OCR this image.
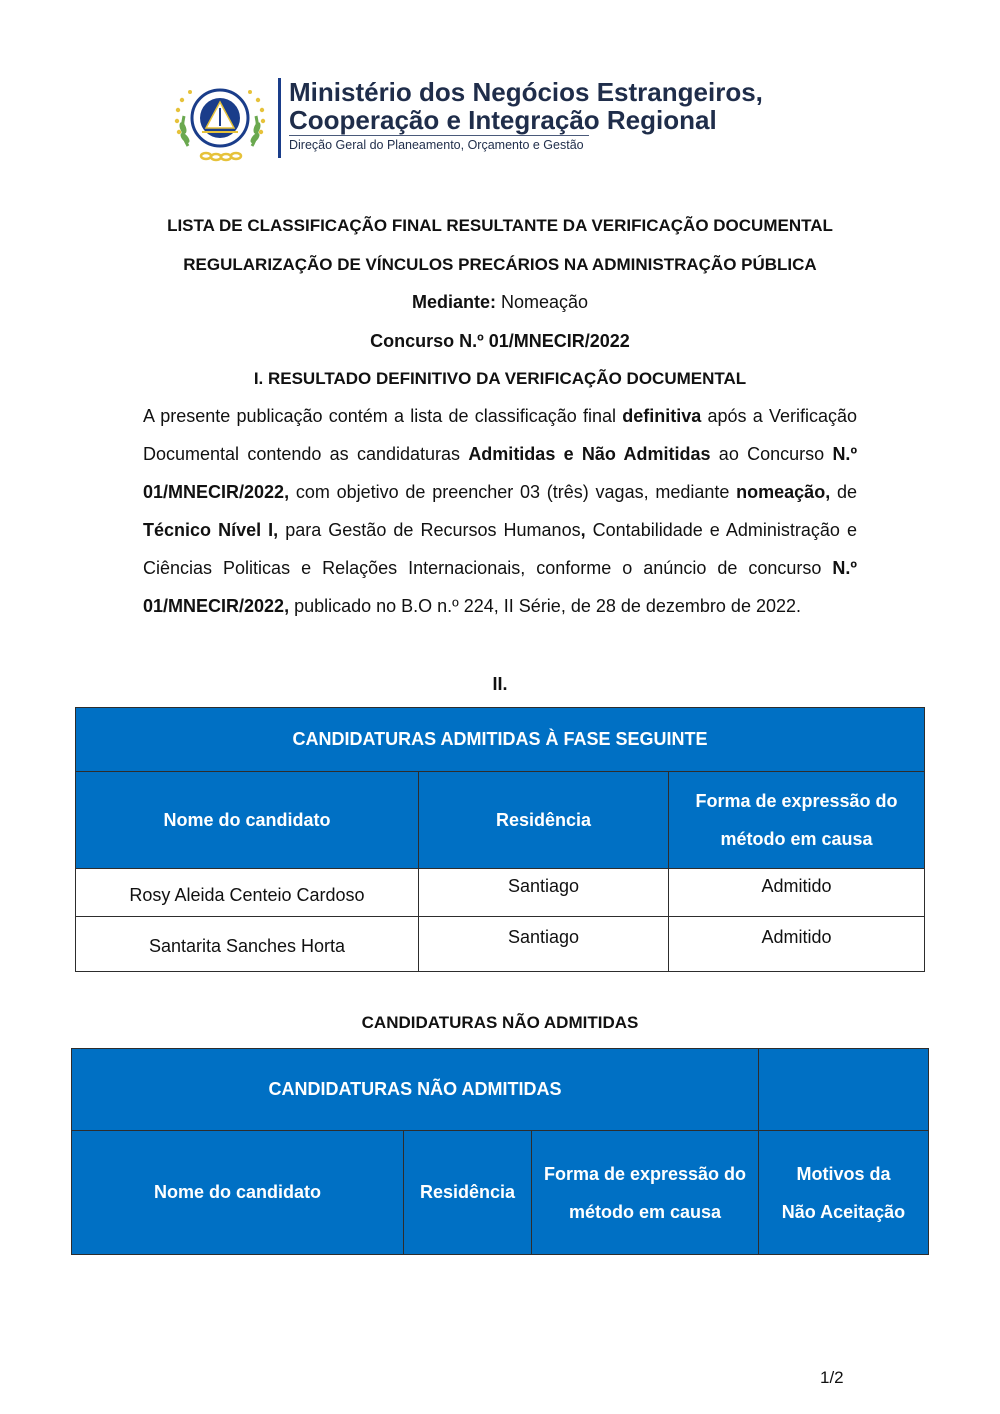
Ministério dos Negócios Estrangeiros,
Cooperação e Integração Regional
Direção Geral do Planeamento, Orçamento e Gestão
LISTA DE CLASSIFICAÇÃO FINAL RESULTANTE DA VERIFICAÇÃO DOCUMENTAL
REGULARIZAÇÃO DE VÍNCULOS PRECÁRIOS NA ADMINISTRAÇÃO PÚBLICA
Mediante: Nomeação
Concurso N.º 01/MNECIR/2022
I. RESULTADO DEFINITIVO DA VERIFICAÇÃO DOCUMENTAL
A presente publicação contém a lista de classificação final definitiva após a Verificação Documental contendo as candidaturas Admitidas e Não Admitidas ao Concurso N.º 01/MNECIR/2022, com objetivo de preencher 03 (três) vagas, mediante nomeação, de Técnico Nível I, para Gestão de Recursos Humanos, Contabilidade e Administração e Ciências Politicas e Relações Internacionais, conforme o anúncio de concurso N.º 01/MNECIR/2022, publicado no B.O n.º 224, II Série, de 28 de dezembro de 2022.
II.
CANDIDATURAS ADMITIDAS À FASE SEGUINTE		
Nome do candidato	Residência	Forma de expressão do método em causa
Rosy Aleida Centeio Cardoso	Santiago	Admitido
Santarita Sanches Horta	Santiago	Admitido
CANDIDATURAS NÃO ADMITIDAS
CANDIDATURAS NÃO ADMITIDAS			
Nome do candidato	Residência	Forma de expressão do método em causa	Motivos da Não Aceitação
1/2
